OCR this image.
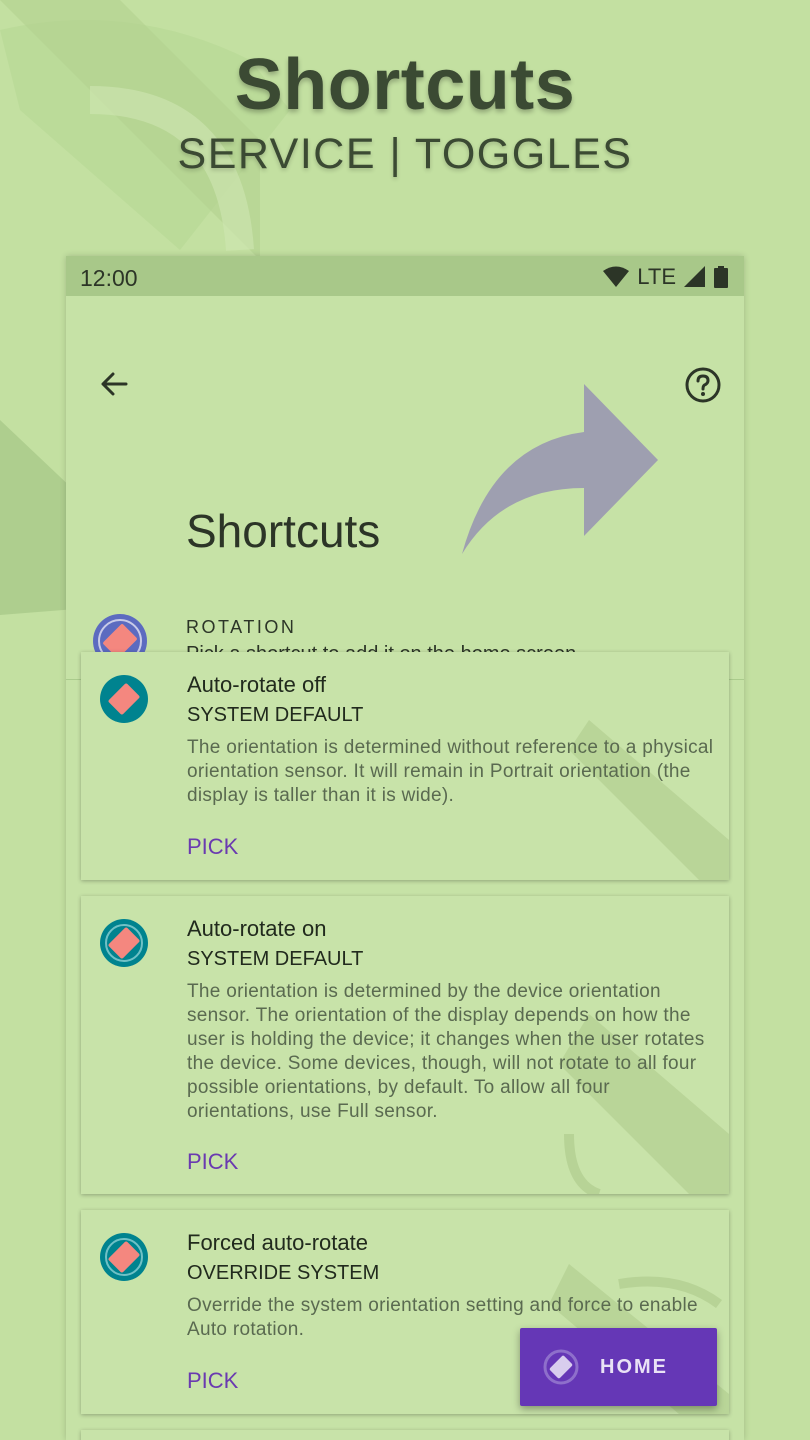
Shortcuts
SERVICE | TOGGLES
12:00	LTE
Shortcuts
ROTATION
Auto-rotate off
SYSTEM DEFAULT
The orientation is determined without reference to a physical orientation sensor. It will remain in Portrait orientation (the display is taller than it is wide).
PICK
Auto-rotate on
SYSTEM DEFAULT
The orientation is determined by the device orientation sensor. The orientation of the display depends on how the user is holding the device; it changes when the user rotates the device. Some devices, though, will not rotate to all four possible orientations, by default. To allow all four orientations, use Full sensor.
PICK
Forced auto-rotate
OVERRIDE SYSTEM
Override the system orientation setting and force to enable Auto rotation.
PICK
HOME
